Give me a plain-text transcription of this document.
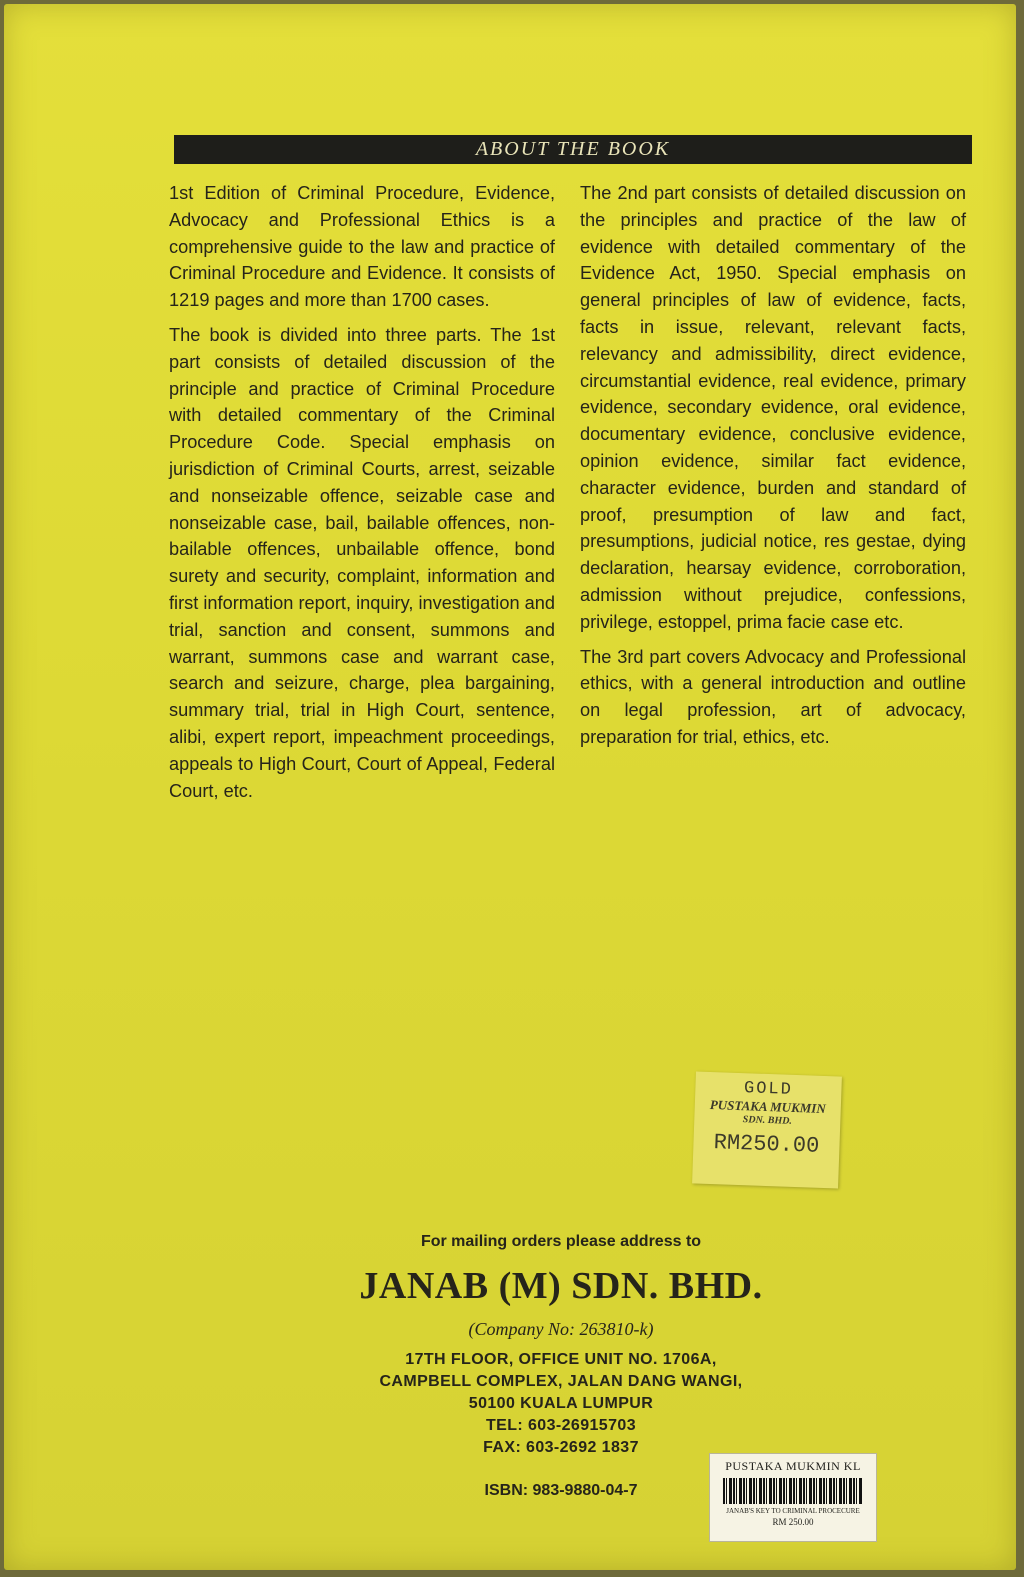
ABOUT THE BOOK

1st Edition of Criminal Procedure, Evidence, Advocacy and Professional Ethics is a comprehensive guide to the law and practice of Criminal Procedure and Evidence. It consists of 1219 pages and more than 1700 cases.

The book is divided into three parts. The 1st part consists of detailed discussion of the principle and practice of Criminal Procedure with detailed commentary of the Criminal Procedure Code. Special emphasis on jurisdiction of Criminal Courts, arrest, seizable and nonseizable offence, seizable case and nonseizable case, bail, bailable offences, non-bailable offences, unbailable offence, bond surety and security, complaint, information and first information report, inquiry, investigation and trial, sanction and consent, summons and warrant, summons case and warrant case, search and seizure, charge, plea bargaining, summary trial, trial in High Court, sentence, alibi, expert report, impeachment proceedings, appeals to High Court, Court of Appeal, Federal Court, etc.

The 2nd part consists of detailed discussion on the principles and practice of the law of evidence with detailed commentary of the Evidence Act, 1950. Special emphasis on general principles of law of evidence, facts, facts in issue, relevant, relevant facts, relevancy and admissibility, direct evidence, circumstantial evidence, real evidence, primary evidence, secondary evidence, oral evidence, documentary evidence, conclusive evidence, opinion evidence, similar fact evidence, character evidence, burden and standard of proof, presumption of law and fact, presumptions, judicial notice, res gestae, dying declaration, hearsay evidence, corroboration, admission without prejudice, confessions, privilege, estoppel, prima facie case etc.

The 3rd part covers Advocacy and Professional ethics, with a general introduction and outline on legal profession, art of advocacy, preparation for trial, ethics, etc.

GOLD
PUSTAKA MUKMIN
SDN. BHD.
RM250.00
For mailing orders please address to
JANAB (M) SDN. BHD.
(Company No: 263810-k)
17TH FLOOR, OFFICE UNIT NO. 1706A,
CAMPBELL COMPLEX, JALAN DANG WANGI,
50100 KUALA LUMPUR
TEL: 603-26915703
FAX: 603-2692 1837
ISBN: 983-9880-04-7
PUSTAKA MUKMIN KL
JANAB'S KEY TO CRIMINAL PROCECURE
RM 250.00
